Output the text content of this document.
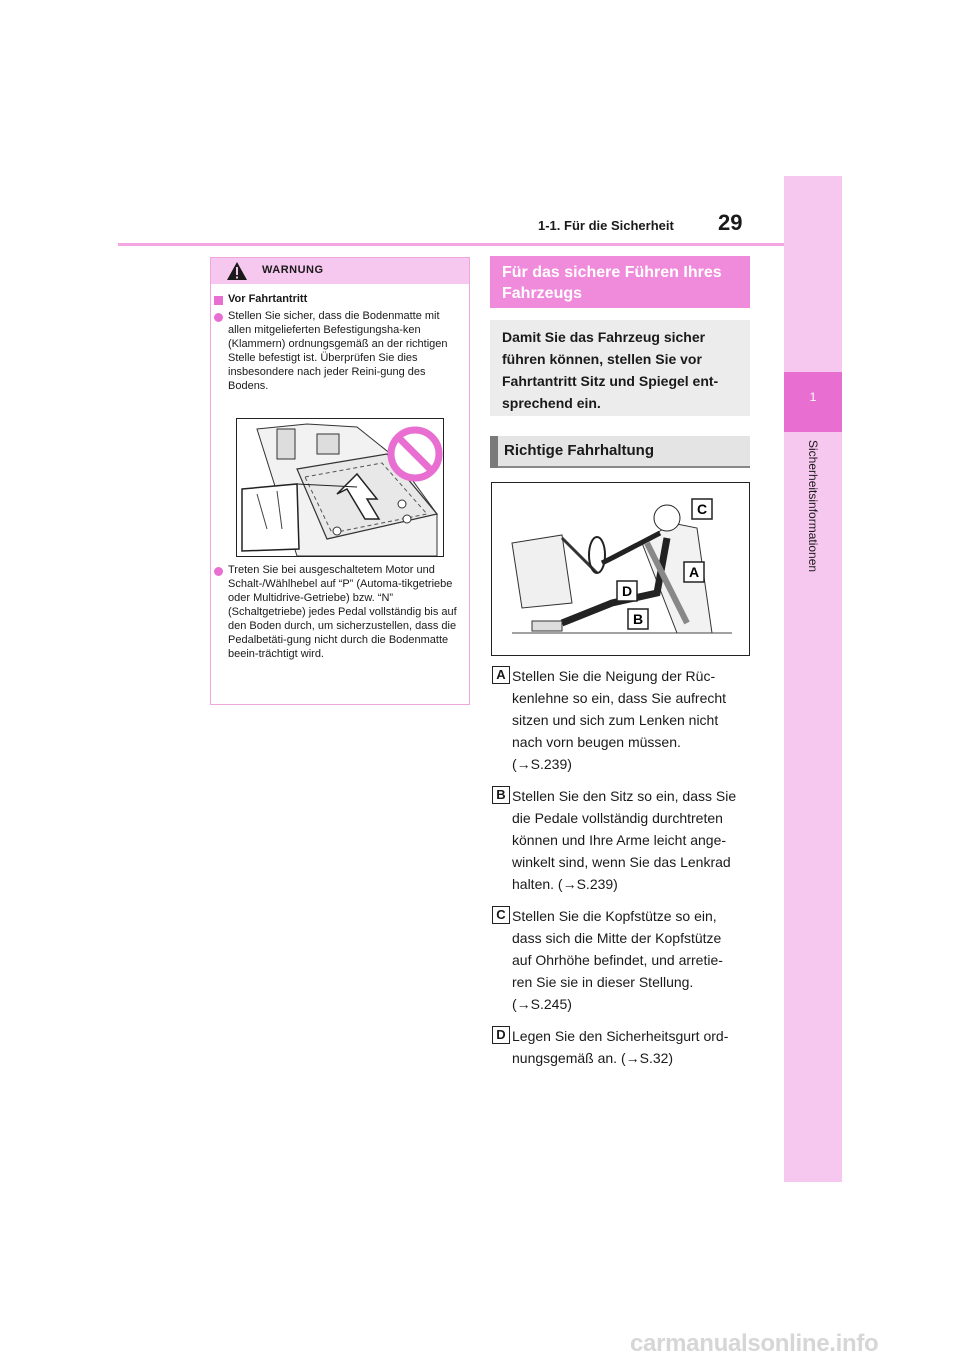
1-1. Für die Sicherheit 29
1
Sicherheitsinformationen
WARNUNG
Vor Fahrtantritt
Stellen Sie sicher, dass die Bodenmatte mit allen mitgelieferten Befestigungsha-ken (Klammern) ordnungsgemäß an der richtigen Stelle befestigt ist. Überprüfen Sie dies insbesondere nach jeder Reini-gung des Bodens.
Treten Sie bei ausgeschaltetem Motor und Schalt-/Wählhebel auf “P” (Automa-tikgetriebe oder Multidrive-Getriebe) bzw. “N” (Schaltgetriebe) jedes Pedal vollständig bis auf den Boden durch, um sicherzustellen, dass die Pedalbetäti-gung nicht durch die Bodenmatte beein-trächtigt wird.
Für das sichere Führen Ihres Fahrzeugs
Damit Sie das Fahrzeug sicher führen können, stellen Sie vor Fahrtantritt Sitz und Spiegel ent-sprechend ein.
Richtige Fahrhaltung
C
A
D
B
A Stellen Sie die Neigung der Rüc-kenlehne so ein, dass Sie aufrecht sitzen und sich zum Lenken nicht nach vorn beugen müssen. (→S.239)
B Stellen Sie den Sitz so ein, dass Sie die Pedale vollständig durchtreten können und Ihre Arme leicht ange-winkelt sind, wenn Sie das Lenkrad halten. (→S.239)
C Stellen Sie die Kopfstütze so ein, dass sich die Mitte der Kopfstütze auf Ohrhöhe befindet, und arretie-ren Sie sie in dieser Stellung. (→S.245)
D Legen Sie den Sicherheitsgurt ord-nungsgemäß an. (→S.32)
carmanualsonline.info
